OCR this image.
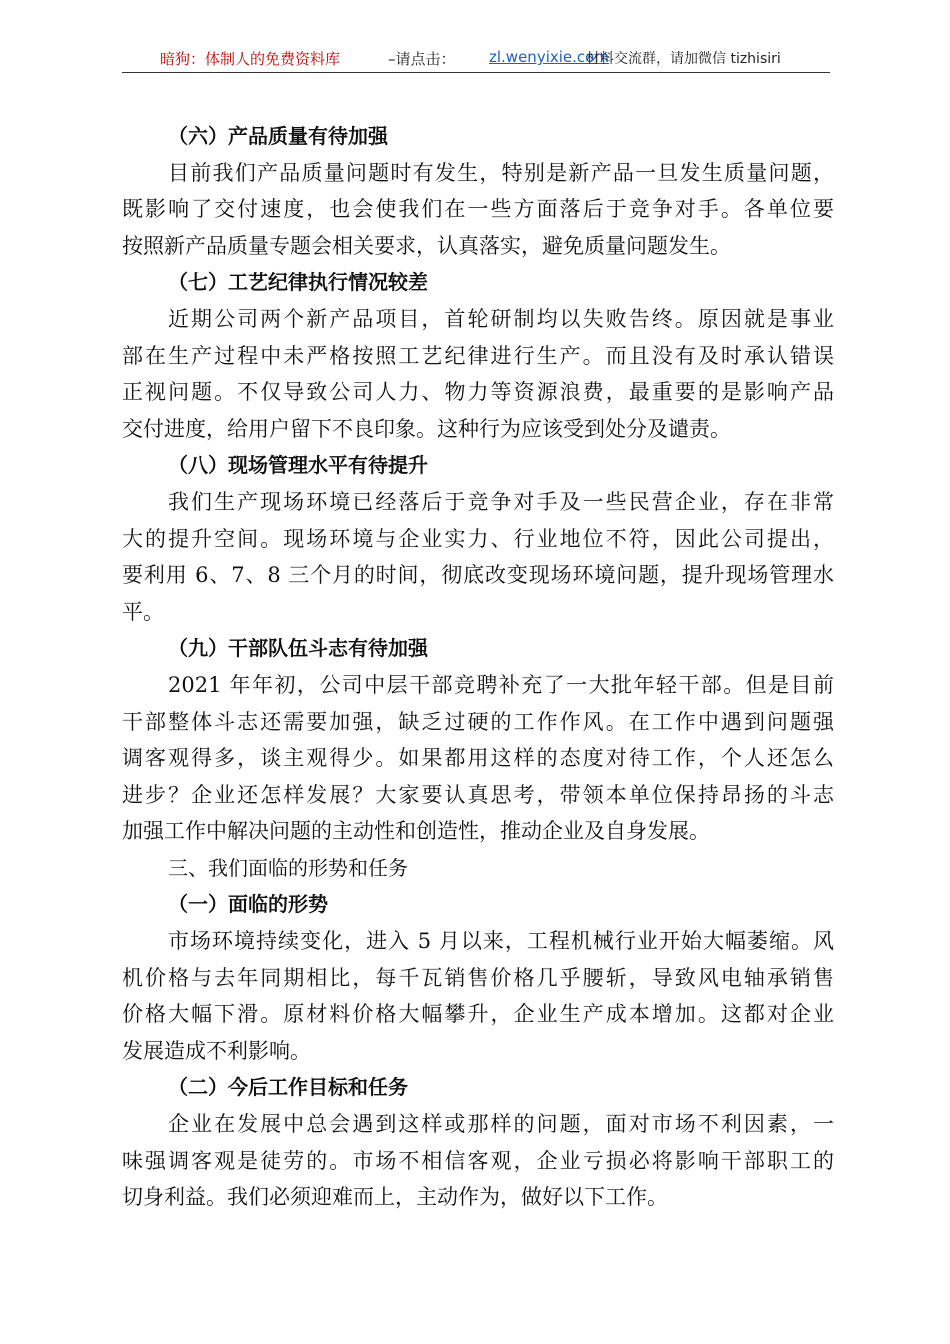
暗狗：体制人的免费资料库	–请点击： zl.wenyixie.com
材料交流群，请加微信 tizhisiri
（六）产品质量有待加强
目前我们产品质量问题时有发生，特别是新产品一旦发生质量问题，
既影响了交付速度，也会使我们在一些方面落后于竞争对手。各单位要
按照新产品质量专题会相关要求，认真落实，避免质量问题发生。
（七）工艺纪律执行情况较差
近期公司两个新产品项目，首轮研制均以失败告终。原因就是事业
部在生产过程中未严格按照工艺纪律进行生产。而且没有及时承认错误
正视问题。不仅导致公司人力、物力等资源浪费，最重要的是影响产品
交付进度，给用户留下不良印象。这种行为应该受到处分及谴责。
（八）现场管理水平有待提升
我们生产现场环境已经落后于竞争对手及一些民营企业，存在非常
大的提升空间。现场环境与企业实力、行业地位不符，因此公司提出，
要利用 6、7、8 三个月的时间，彻底改变现场环境问题，提升现场管理水
平。
（九）干部队伍斗志有待加强
2021 年年初，公司中层干部竞聘补充了一大批年轻干部。但是目前
干部整体斗志还需要加强，缺乏过硬的工作作风。在工作中遇到问题强
调客观得多，谈主观得少。如果都用这样的态度对待工作，个人还怎么
进步？企业还怎样发展？大家要认真思考，带领本单位保持昂扬的斗志
加强工作中解决问题的主动性和创造性，推动企业及自身发展。
三、我们面临的形势和任务
（一）面临的形势
市场环境持续变化，进入 5 月以来，工程机械行业开始大幅萎缩。风
机价格与去年同期相比，每千瓦销售价格几乎腰斩，导致风电轴承销售
价格大幅下滑。原材料价格大幅攀升，企业生产成本增加。这都对企业
发展造成不利影响。
（二）今后工作目标和任务
企业在发展中总会遇到这样或那样的问题，面对市场不利因素，一
味强调客观是徒劳的。市场不相信客观，企业亏损必将影响干部职工的
切身利益。我们必须迎难而上，主动作为，做好以下工作。
